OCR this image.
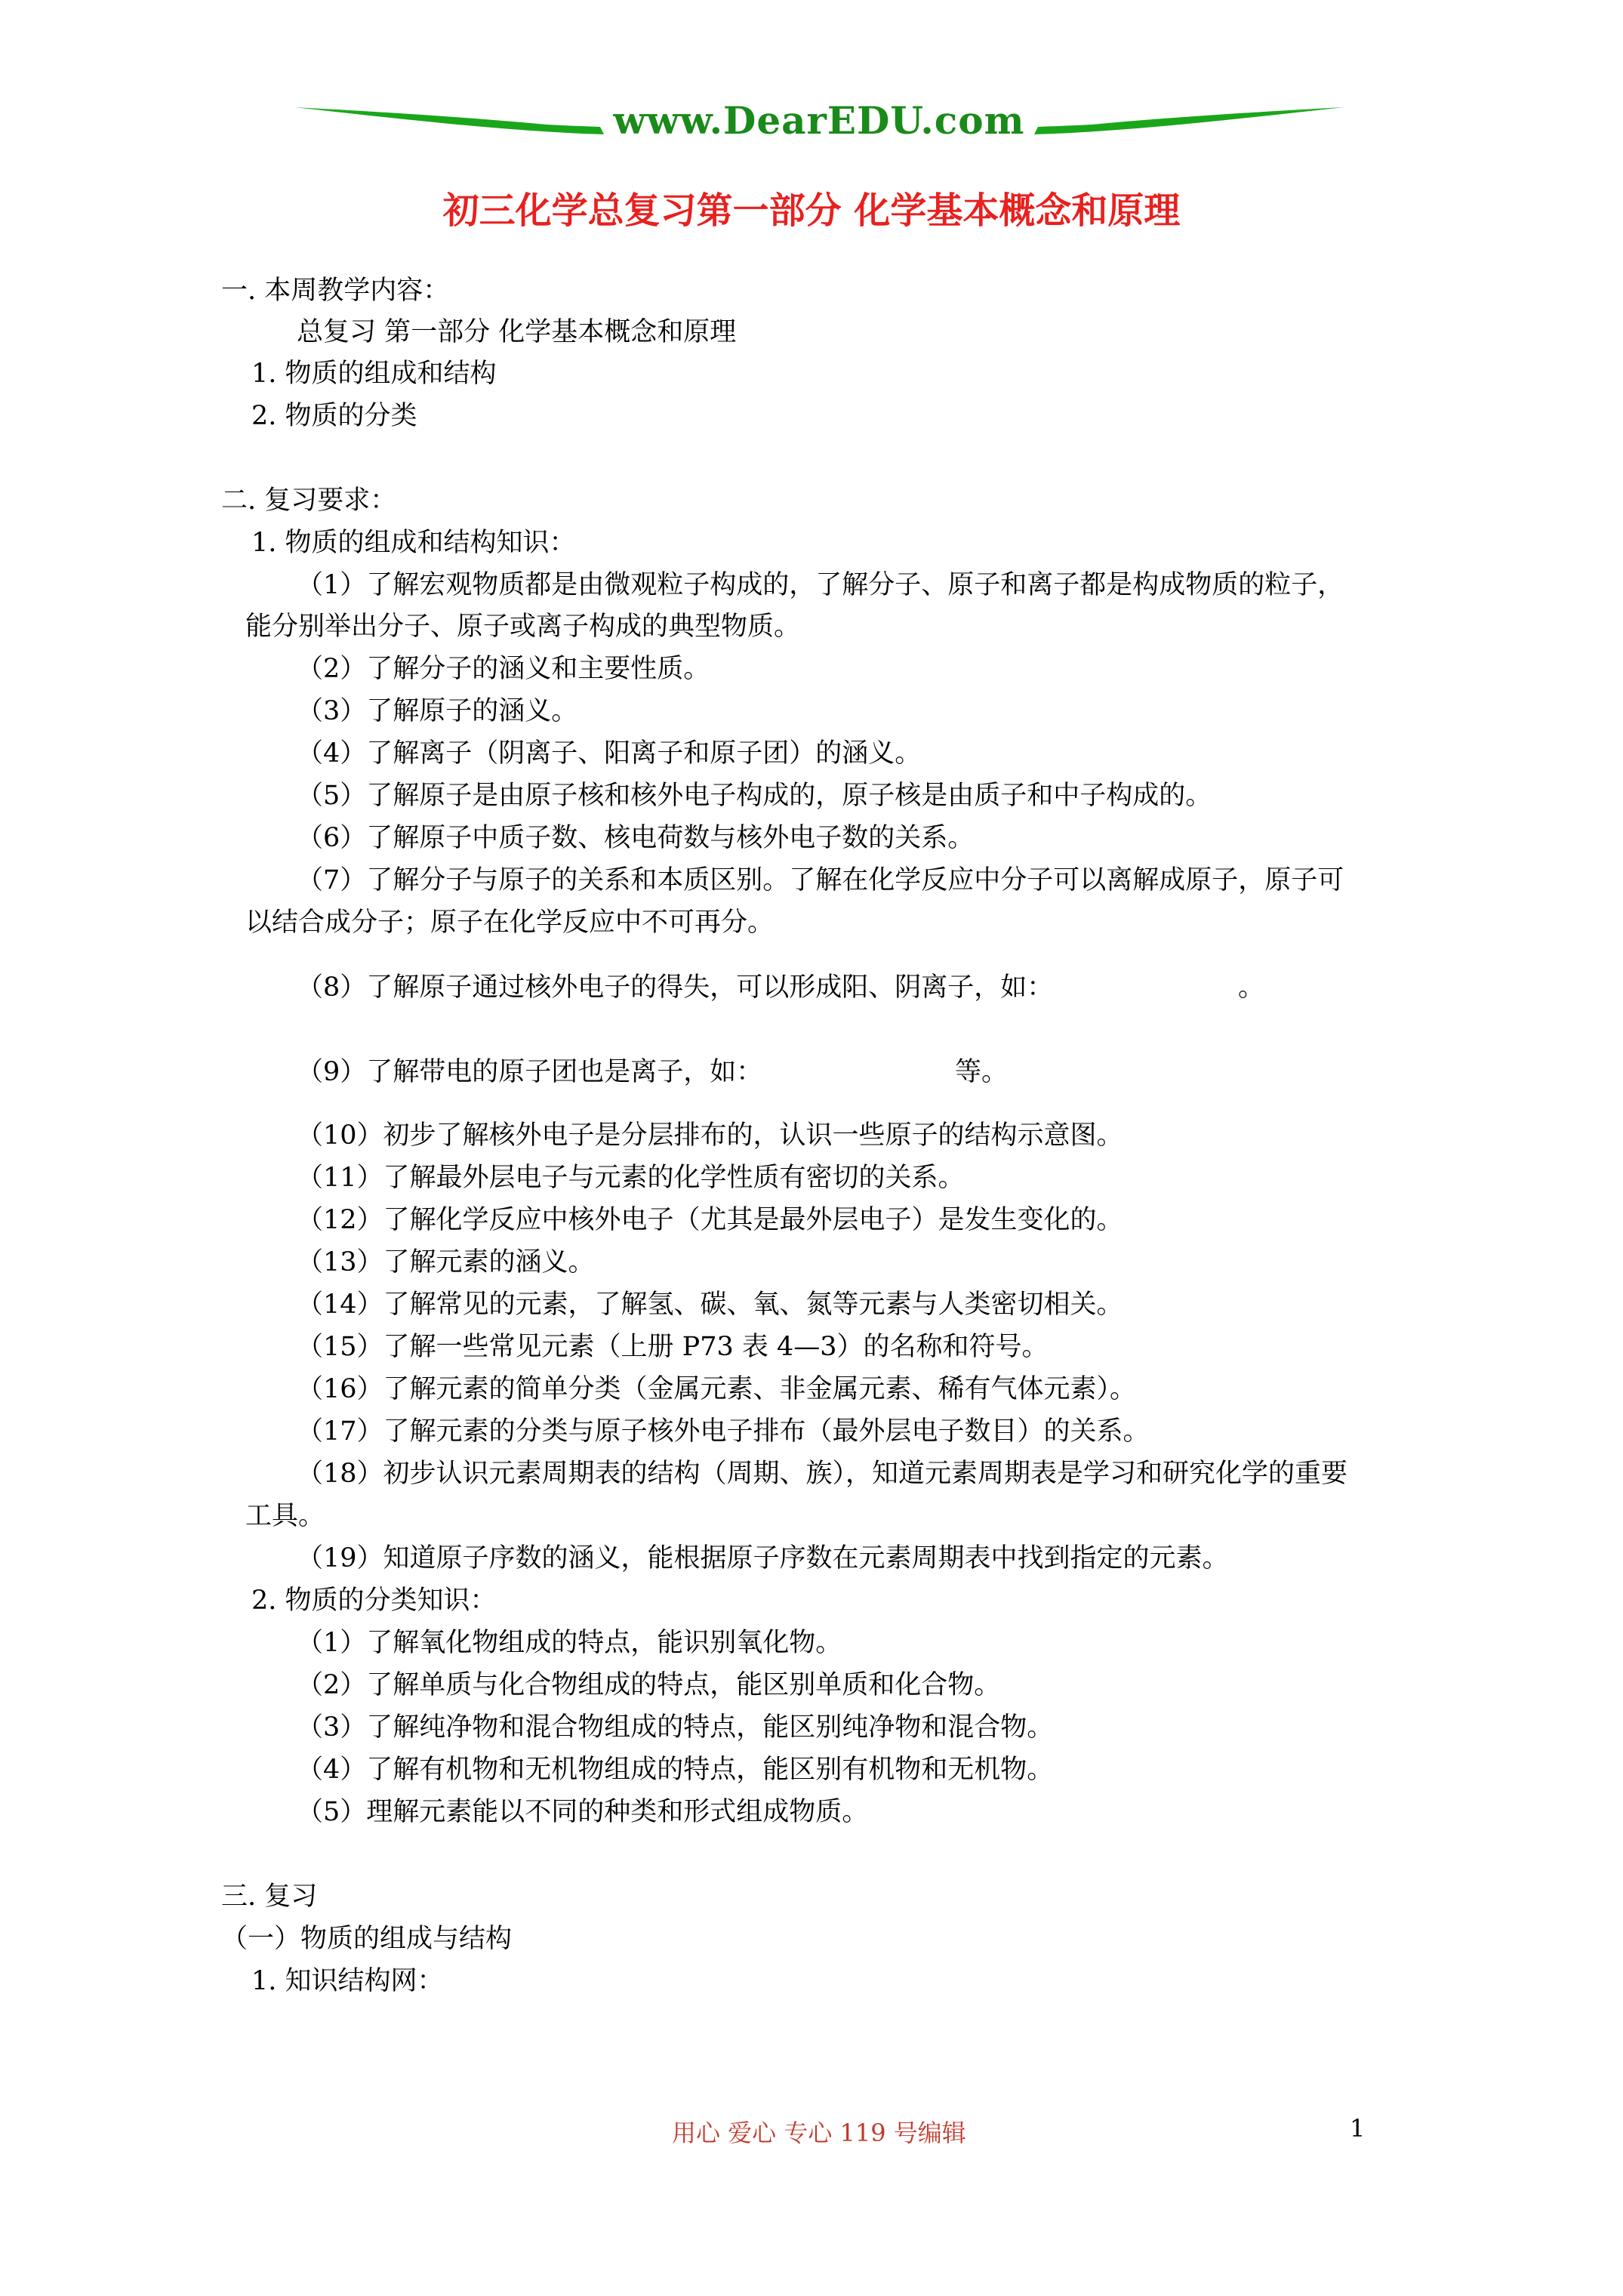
www.DearEDU.com
初三化学总复习第一部分 化学基本概念和原理
一. 本周教学内容：
总复习 第一部分 化学基本概念和原理
1. 物质的组成和结构
2. 物质的分类
二. 复习要求：
1. 物质的组成和结构知识：
（1）了解宏观物质都是由微观粒子构成的，了解分子、原子和离子都是构成物质的粒子，
能分别举出分子、原子或离子构成的典型物质。
（2）了解分子的涵义和主要性质。
（3）了解原子的涵义。
（4）了解离子（阴离子、阳离子和原子团）的涵义。
（5）了解原子是由原子核和核外电子构成的，原子核是由质子和中子构成的。
（6）了解原子中质子数、核电荷数与核外电子数的关系。
（7）了解分子与原子的关系和本质区别。了解在化学反应中分子可以离解成原子，原子可
以结合成分子；原子在化学反应中不可再分。
（8）了解原子通过核外电子的得失，可以形成阳、阴离子，如：	。
（9）了解带电的原子团也是离子，如：	等。
（10）初步了解核外电子是分层排布的，认识一些原子的结构示意图。
（11）了解最外层电子与元素的化学性质有密切的关系。
（12）了解化学反应中核外电子（尤其是最外层电子）是发生变化的。
（13）了解元素的涵义。
（14）了解常见的元素，了解氢、碳、氧、氮等元素与人类密切相关。
（15）了解一些常见元素（上册 P73 表 4—3）的名称和符号。
（16）了解元素的简单分类（金属元素、非金属元素、稀有气体元素）。
（17）了解元素的分类与原子核外电子排布（最外层电子数目）的关系。
（18）初步认识元素周期表的结构（周期、族），知道元素周期表是学习和研究化学的重要
工具。
（19）知道原子序数的涵义，能根据原子序数在元素周期表中找到指定的元素。
2. 物质的分类知识：
（1）了解氧化物组成的特点，能识别氧化物。
（2）了解单质与化合物组成的特点，能区别单质和化合物。
（3）了解纯净物和混合物组成的特点，能区别纯净物和混合物。
（4）了解有机物和无机物组成的特点，能区别有机物和无机物。
（5）理解元素能以不同的种类和形式组成物质。
三. 复习
（一）物质的组成与结构
1. 知识结构网：
用心 爱心 专心 119 号编辑	1
